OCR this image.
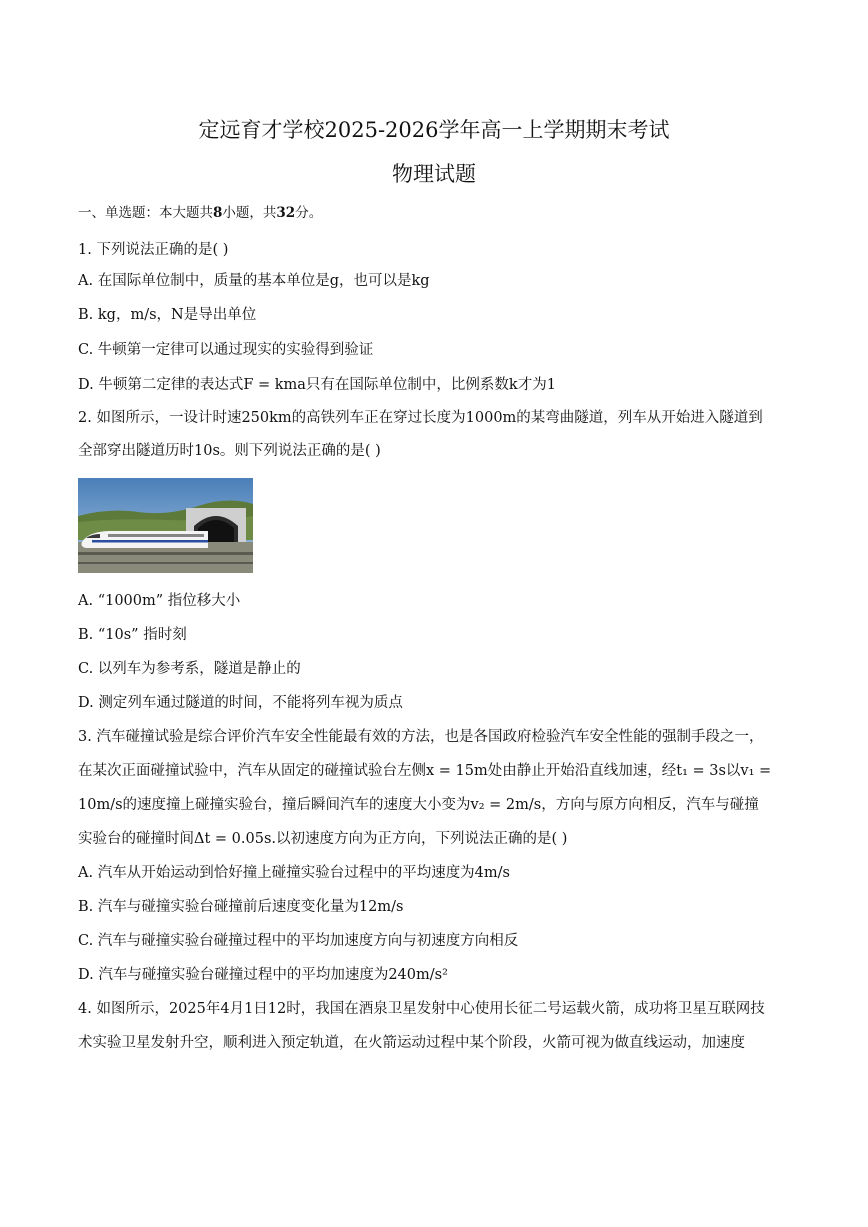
定远育才学校2025-2026学年高一上学期期末考试
物理试题
一、单选题：本大题共8小题，共32分。
1. 下列说法正确的是( )
A. 在国际单位制中，质量的基本单位是g，也可以是kg
B. kg，m/s，N是导出单位
C. 牛顿第一定律可以通过现实的实验得到验证
D. 牛顿第二定律的表达式F = kma只有在国际单位制中，比例系数k才为1
2. 如图所示，一设计时速250km的高铁列车正在穿过长度为1000m的某弯曲隧道，列车从开始进入隧道到
全部穿出隧道历时10s。则下列说法正确的是( )
A. “1000m” 指位移大小
B. “10s” 指时刻
C. 以列车为参考系，隧道是静止的
D. 测定列车通过隧道的时间，不能将列车视为质点
3. 汽车碰撞试验是综合评价汽车安全性能最有效的方法，也是各国政府检验汽车安全性能的强制手段之一，
在某次正面碰撞试验中，汽车从固定的碰撞试验台左侧x = 15m处由静止开始沿直线加速，经t₁ = 3s以v₁ =
10m/s的速度撞上碰撞实验台，撞后瞬间汽车的速度大小变为v₂ = 2m/s，方向与原方向相反，汽车与碰撞
实验台的碰撞时间Δt = 0.05s.以初速度方向为正方向，下列说法正确的是( )
A. 汽车从开始运动到恰好撞上碰撞实验台过程中的平均速度为4m/s
B. 汽车与碰撞实验台碰撞前后速度变化量为12m/s
C. 汽车与碰撞实验台碰撞过程中的平均加速度方向与初速度方向相反
D. 汽车与碰撞实验台碰撞过程中的平均加速度为240m/s²
4. 如图所示，2025年4月1日12时，我国在酒泉卫星发射中心使用长征二号运载火箭，成功将卫星互联网技
术实验卫星发射升空，顺利进入预定轨道，在火箭运动过程中某个阶段，火箭可视为做直线运动，加速度
